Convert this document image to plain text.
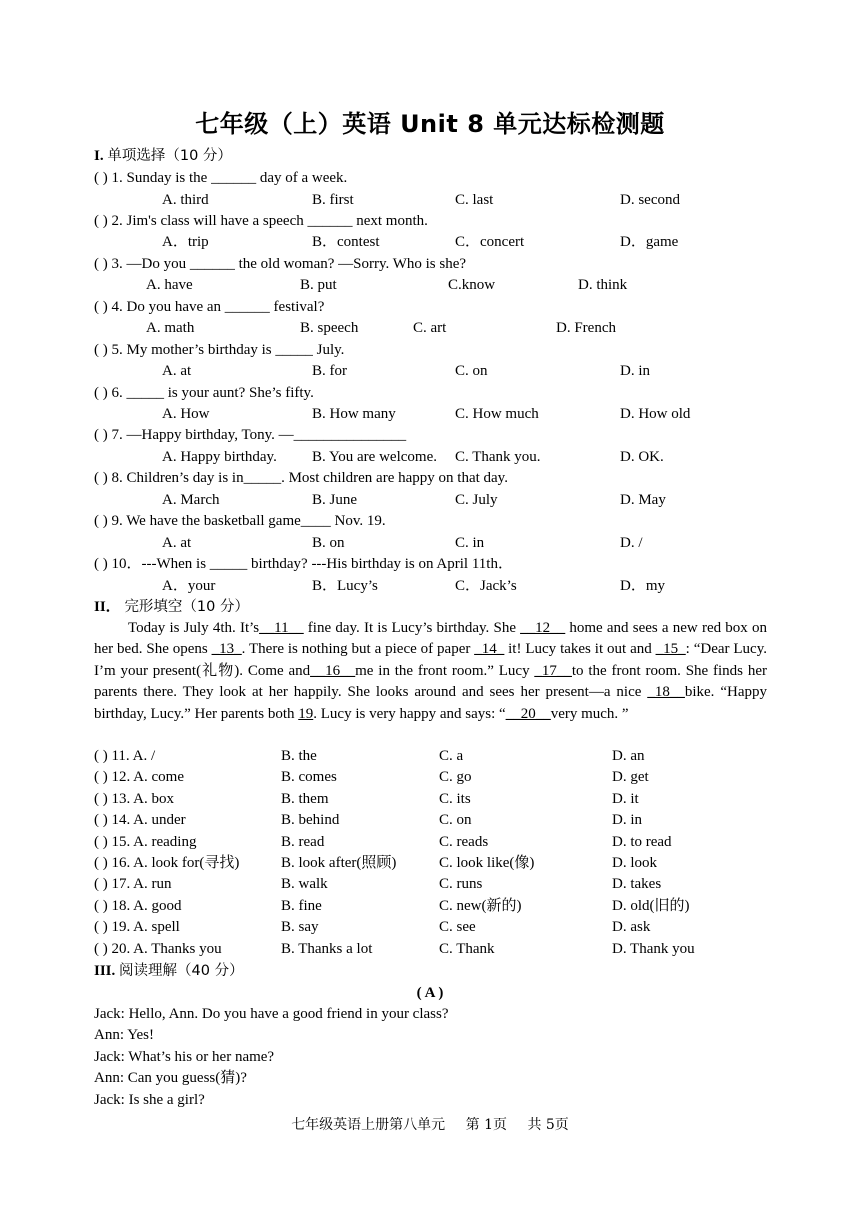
七年级（上）英语 Unit 8 单元达标检测题
I. 单项选择（10 分）
( ) 1. Sunday is the ______ day of a week.
A. third	B. first	C. last	D. second
( ) 2. Jim's class will have a speech ______ next month.
A．trip	B．contest	C．concert	D．game
( ) 3. —Do you ______ the old woman? —Sorry. Who is she?
A. have	B. put	C.know	D. think
( ) 4. Do you have an ______ festival?
A. math	B. speech	C. art	D. French
( ) 5. My mother’s birthday is _____ July.
A. at	B. for	C. on	D. in
( ) 6. _____ is your aunt? She’s fifty.
A. How	B. How many	C. How much	D. How old
( ) 7. —Happy birthday, Tony. —_______________
A. Happy birthday. B. You are welcome. C. Thank you.	D. OK.
( ) 8. Children’s day is in_____. Most children are happy on that day.
A. March	B. June	C. July	D. May
( ) 9. We have the basketball game____ Nov. 19.
A. at	B. on	C. in	D. /
( ) 10．---When is _____ birthday? ---His birthday is on April 11th．
A．your	B．Lucy’s	C．Jack’s	D．my
II． 完形填空（10 分）
Today is July 4th. It’s__11__ fine day. It is Lucy’s birthday. She __12__ home and sees a new red box on her bed. She opens _13_. There is nothing but a piece of paper _14_ it! Lucy takes it out and _15_: “Dear Lucy. I’m your present(礼物). Come and__16__me in the front room.” Lucy _17__to the front room. She finds her parents there. They look at her happily. She looks around and sees her present—a nice _18__bike. “Happy birthday, Lucy.” Her parents both 19. Lucy is very happy and says: “__20__very much. ”
( ) 11. A. /	B. the	C. a	D. an
( ) 12. A. come	B. comes	C. go	D. get
( ) 13. A. box	B. them	C. its	D. it
( ) 14. A. under	B. behind	C. on	D. in
( ) 15. A. reading	B. read	C. reads	D. to read
( ) 16. A. look for(寻找)	B. look after(照顾)	C. look like(像)	D. look
( ) 17. A. run	B. walk	C. runs	D. takes
( ) 18. A. good	B. fine	C. new(新的)	D. old(旧的)
( ) 19. A. spell	B. say	C. see	D. ask
( ) 20. A. Thanks you	B. Thanks a lot	C. Thank	D. Thank you
III. 阅读理解（40 分）
( A )
Jack: Hello, Ann. Do you have a good friend in your class?
Ann: Yes!
Jack: What’s his or her name?
Ann: Can you guess(猜)?
Jack: Is she a girl?
七年级英语上册第八单元 第 1页 共 5页
